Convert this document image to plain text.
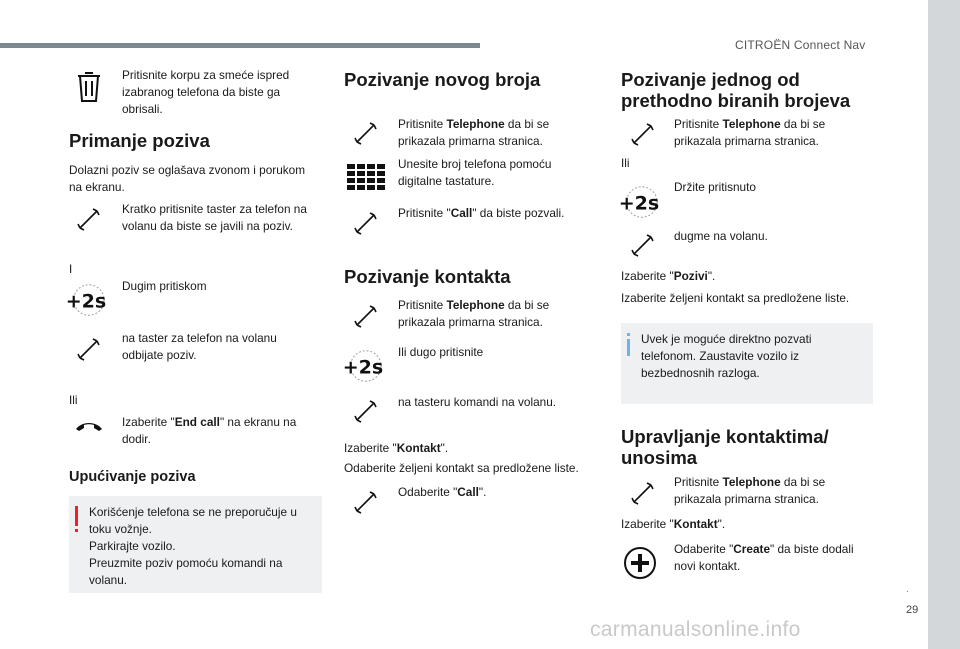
CITROËN Connect Nav
.
29
Pritisnite korpu za smeće ispred izabranog telefona da biste ga obrisali.
Primanje poziva
Dolazni poziv se oglašava zvonom i porukom na ekranu.
Kratko pritisnite taster za telefon na volanu da biste se javili na poziv.
I
+2s
Dugim pritiskom
na taster za telefon na volanu odbijate poziv.
Ili
Izaberite "End call" na ekranu na dodir.
Upućivanje poziva
Korišćenje telefona se ne preporučuje u toku vožnje.
Parkirajte vozilo.
Preuzmite poziv pomoću komandi na volanu.
Pozivanje novog broja
Pritisnite Telephone da bi se prikazala primarna stranica.
Unesite broj telefona pomoću digitalne tastature.
Pritisnite "Call" da biste pozvali.
Pozivanje kontakta
Pritisnite Telephone da bi se prikazala primarna stranica.
+2s
Ili dugo pritisnite
na tasteru komandi na volanu.
Izaberite "Kontakt".
Odaberite željeni kontakt sa predložene liste.
Odaberite "Call".
Pozivanje jednog od prethodno biranih brojeva
Pritisnite Telephone da bi se prikazala primarna stranica.
Ili
+2s
Držite pritisnuto
dugme na volanu.
Izaberite "Pozivi".
Izaberite željeni kontakt sa predložene liste.
Uvek je moguće direktno pozvati telefonom. Zaustavite vozilo iz bezbednosnih razloga.
Upravljanje kontaktima/ unosima
Pritisnite Telephone da bi se prikazala primarna stranica.
Izaberite "Kontakt".
Odaberite "Create" da biste dodali novi kontakt.
carmanualsonline.info
